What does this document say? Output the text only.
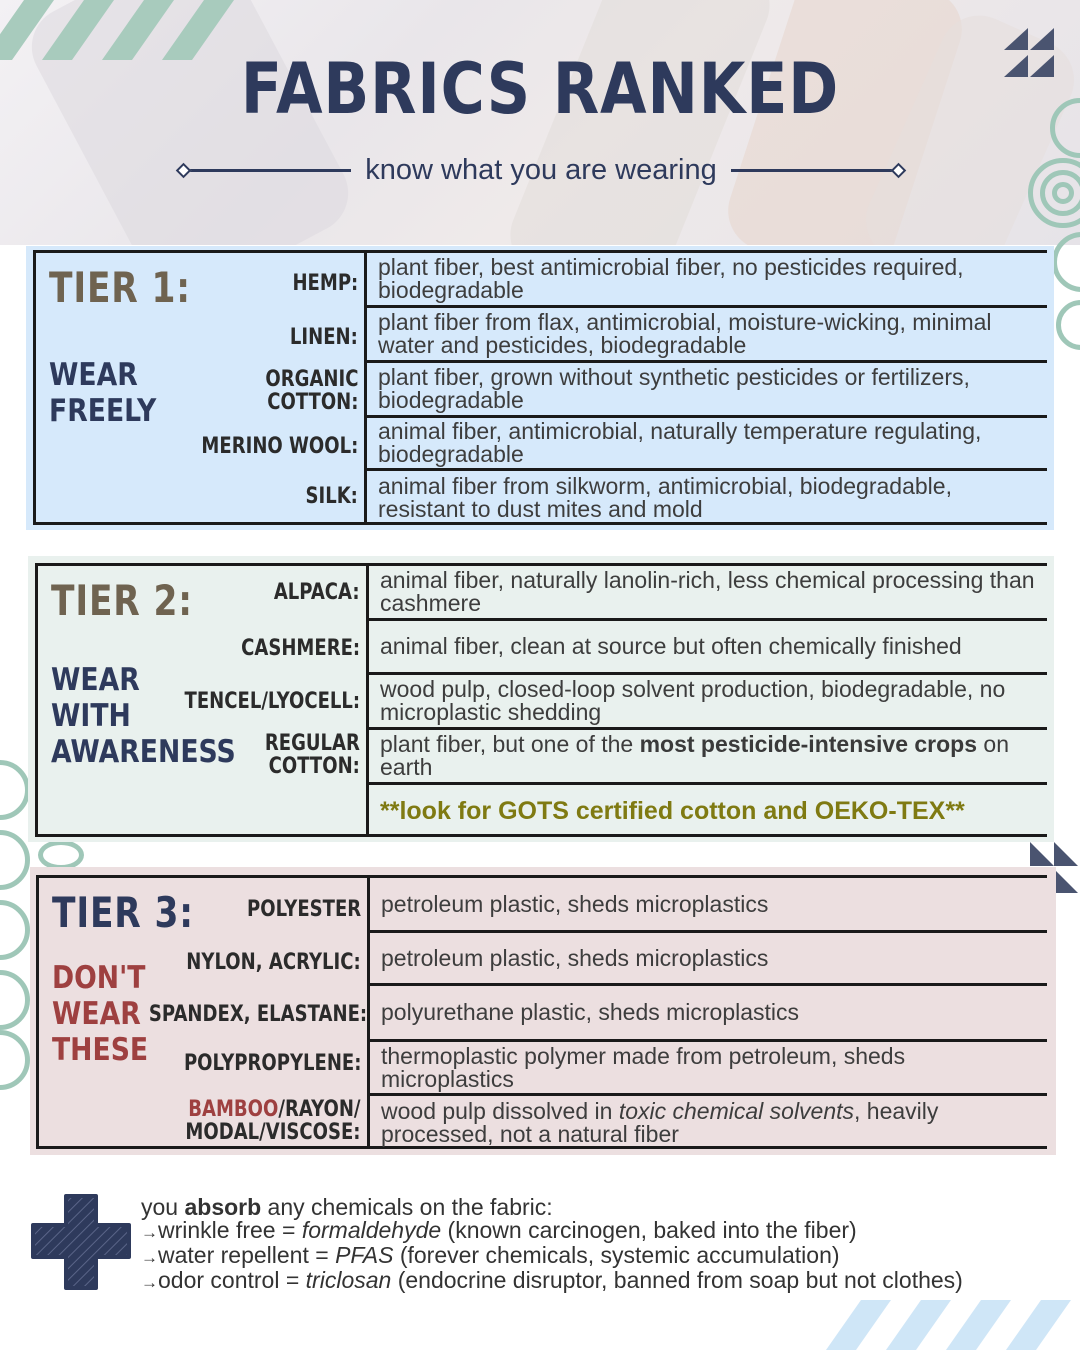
FABRICS RANKED
know what you are wearing
TIER 1:
WEAR
FREELY
HEMP:
LINEN:
ORGANIC
COTTON:
MERINO WOOL:
SILK:
plant fiber, best antimicrobial fiber, no pesticides required, biodegradable
plant fiber from flax, antimicrobial, moisture-wicking, minimal water and pesticides, biodegradable
plant fiber, grown without synthetic pesticides or fertilizers, biodegradable
animal fiber, antimicrobial, naturally temperature regulating, biodegradable
animal fiber from silkworm, antimicrobial, biodegradable, resistant to dust mites and mold
TIER 2:
WEAR
WITH
AWARENESS
ALPACA:
CASHMERE:
TENCEL/LYOCELL:
REGULAR
COTTON:
animal fiber, naturally lanolin-rich, less chemical processing than cashmere
animal fiber, clean at source but often chemically finished
wood pulp, closed-loop solvent production, biodegradable, no microplastic shedding
plant fiber, but one of the most pesticide-intensive crops on earth
**look for GOTS certified cotton and OEKO-TEX**
TIER 3:
DON'T
WEAR
THESE
POLYESTER
NYLON, ACRYLIC:
SPANDEX, ELASTANE:
POLYPROPYLENE:
BAMBOO/RAYON/
MODAL/VISCOSE:
petroleum plastic, sheds microplastics
petroleum plastic, sheds microplastics
polyurethane plastic, sheds microplastics
thermoplastic polymer made from petroleum, sheds microplastics
wood pulp dissolved in toxic chemical solvents, heavily processed, not a natural fiber
you absorb any chemicals on the fabric:
→wrinkle free = formaldehyde (known carcinogen, baked into the fiber)
→water repellent = PFAS (forever chemicals, systemic accumulation)
→odor control = triclosan (endocrine disruptor, banned from soap but not clothes)
